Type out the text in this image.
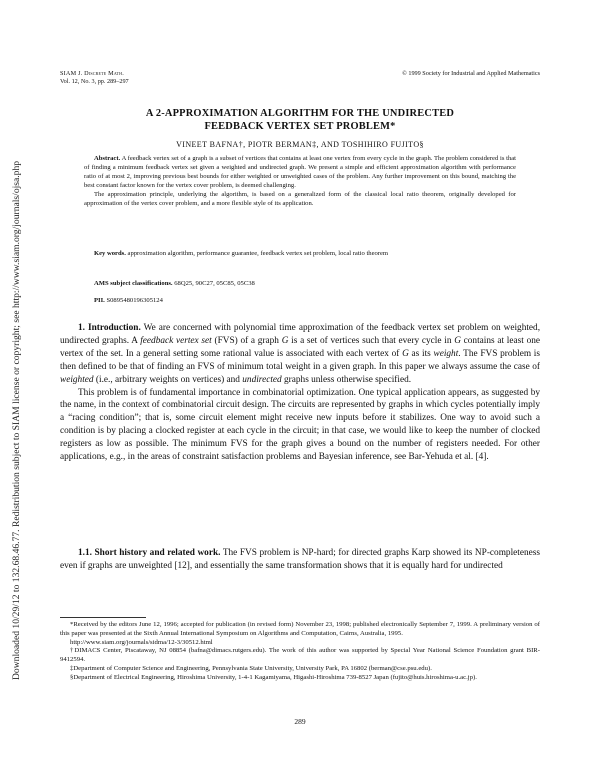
Downloaded 10/29/12 to 132.68.46.77. Redistribution subject to SIAM license or copyright; see http://www.siam.org/journals/ojsa.php
SIAM J. Discrete Math.
Vol. 12, No. 3, pp. 289–297
© 1999 Society for Industrial and Applied Mathematics
A 2-APPROXIMATION ALGORITHM FOR THE UNDIRECTED
FEEDBACK VERTEX SET PROBLEM*
VINEET BAFNA†, PIOTR BERMAN‡, AND TOSHIHIRO FUJITO§

Abstract. A feedback vertex set of a graph is a subset of vertices that contains at least one vertex from every cycle in the graph. The problem considered is that of finding a minimum feedback vertex set given a weighted and undirected graph. We present a simple and efficient approximation algorithm with performance ratio of at most 2, improving previous best bounds for either weighted or unweighted cases of the problem. Any further improvement on this bound, matching the best constant factor known for the vertex cover problem, is deemed challenging.

The approximation principle, underlying the algorithm, is based on a generalized form of the classical local ratio theorem, originally developed for approximation of the vertex cover problem, and a more flexible style of its application.

Key words. approximation algorithm, performance guarantee, feedback vertex set problem, local ratio theorem

AMS subject classifications. 68Q25, 90C27, 05C85, 05C38

PII. S0895480196305124

1. Introduction. We are concerned with polynomial time approximation of the feedback vertex set problem on weighted, undirected graphs. A feedback vertex set (FVS) of a graph G is a set of vertices such that every cycle in G contains at least one vertex of the set. In a general setting some rational value is associated with each vertex of G as its weight. The FVS problem is then defined to be that of finding an FVS of minimum total weight in a given graph. In this paper we always assume the case of weighted (i.e., arbitrary weights on vertices) and undirected graphs unless otherwise specified.

This problem is of fundamental importance in combinatorial optimization. One typical application appears, as suggested by the name, in the context of combinatorial circuit design. The circuits are represented by graphs in which cycles potentially imply a “racing condition”; that is, some circuit element might receive new inputs before it stabilizes. One way to avoid such a condition is by placing a clocked register at each cycle in the circuit; in that case, we would like to keep the number of clocked registers as low as possible. The minimum FVS for the graph gives a bound on the number of registers needed. For other applications, e.g., in the areas of constraint satisfaction problems and Bayesian inference, see Bar-Yehuda et al. [4].

1.1. Short history and related work. The FVS problem is NP-hard; for directed graphs Karp showed its NP-completeness even if graphs are unweighted [12], and essentially the same transformation shows that it is equally hard for undirected

*Received by the editors June 12, 1996; accepted for publication (in revised form) November 23, 1998; published electronically September 7, 1999. A preliminary version of this paper was presented at the Sixth Annual International Symposium on Algorithms and Computation, Cairns, Australia, 1995.

http://www.siam.org/journals/sidma/12-3/30512.html

†DIMACS Center, Piscataway, NJ 08854 (bafna@dimacs.rutgers.edu). The work of this author was supported by Special Year National Science Foundation grant BIR-9412594.

‡Department of Computer Science and Engineering, Pennsylvania State University, University Park, PA 16802 (berman@cse.psu.edu).

§Department of Electrical Engineering, Hiroshima University, 1-4-1 Kagamiyama, Higashi-Hiroshima 739-8527 Japan (fujito@huis.hiroshima-u.ac.jp).

289
